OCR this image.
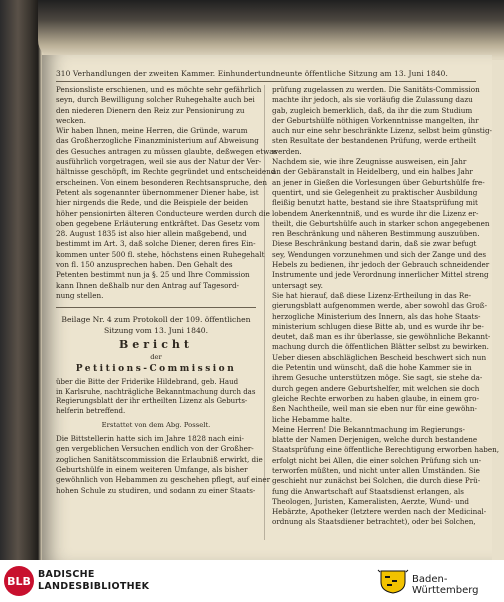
310 Verhandlungen der zweiten Kammer. Einhundertundneunte öffentliche Sitzung am 13. Juni 1840.
Pensionsliste erschienen, und es möchte sehr gefährlich
seyn, durch Bewilligung solcher Ruhegehalte auch bei
den niederen Dienern den Reiz zur Pensionirung zu
wecken.
Wir haben Ihnen, meine Herren, die Gründe, warum
das Großherzogliche Finanzministerium auf Abweisung
des Gesuches antragen zu müssen glaubte, deßwegen etwas
ausführlich vorgetragen, weil sie aus der Natur der Ver-
hältnisse geschöpft, im Rechte gegründet und entscheidend
erscheinen. Von einem besonderen Rechtsanspruche, den
Petent als sogenannter übernommener Diener habe, ist
hier nirgends die Rede, und die Beispiele der beiden
höher pensionirten älteren Conducteure werden durch die
oben gegebene Erläuterung entkräftet. Das Gesetz vom
28. August 1835 ist also hier allein maßgebend, und
bestimmt im Art. 3, daß solche Diener, deren fires Ein-
kommen unter 500 fl. stehe, höchstens einen Ruhegehalt
von fl. 150 anzusprechen haben. Den Gehalt des
Petenten bestimmt nun ja §. 25 und Ihre Commission
kann Ihnen deßhalb nur den Antrag auf Tagesord-
nung stellen.
Beilage Nr. 4 zum Protokoll der 109. öffentlichen
Sitzung vom 13. Juni 1840.
Bericht
der
Petitions-Commission
über die Bitte der Friderike Hildebrand, geb. Haud
in Karlsruhe, nachträgliche Bekanntmachung durch das
Regierungsblatt der ihr ertheilten Lizenz als Geburts-
helferin betreffend.
Erstattet von dem Abg. Posselt.
Die Bittstellerin hatte sich im Jahre 1828 nach eini-
gen vergeblichen Versuchen endlich von der Großher-
zoglichen Sanitätscommission die Erlaubniß erwirkt, die
Geburtshülfe in einem weiteren Umfange, als bisher
gewöhnlich von Hebammen zu geschehen pflegt, auf einer
hohen Schule zu studiren, und sodann zu einer Staats-
prüfung zugelassen zu werden. Die Sanitäts-Commission
machte ihr jedoch, als sie vorläufig die Zulassung dazu
gab, zugleich bemerklich, daß, da ihr die zum Studium
der Geburtshülfe nöthigen Vorkenntnisse mangelten, ihr
auch nur eine sehr beschränkte Lizenz, selbst beim günstig-
sten Resultate der bestandenen Prüfung, werde ertheilt
werden.
Nachdem sie, wie ihre Zeugnisse ausweisen, ein Jahr
an der Gebäranstalt in Heidelberg, und ein halbes Jahr
an jener in Gießen die Vorlesungen über Geburtshülfe fre-
quentirt, und sie Gelegenheit zu praktischer Ausbildung
fleißig benutzt hatte, bestand sie ihre Staatsprüfung mit
lobendem Anerkenntniß, und es wurde ihr die Lizenz er-
theilt, die Geburtshülfe auch in starker schon angegebenen
ren Beschränkung und näheren Bestimmung auszuüben.
Diese Beschränkung bestand darin, daß sie zwar befugt
sey, Wendungen vorzunehmen und sich der Zange und des
Hebels zu bedienen, ihr jedoch der Gebrauch schneidender
Instrumente und jede Verordnung innerlicher Mittel streng
untersagt sey.
Sie hat hierauf, daß diese Lizenz-Ertheilung in das Re-
gierungsblatt aufgenommen werde, aber sowohl das Groß-
herzogliche Ministerium des Innern, als das hohe Staats-
ministerium schlugen diese Bitte ab, und es wurde ihr be-
deutet, daß man es ihr überlasse, sie gewöhnliche Bekannt-
machung durch die öffentlichen Blätter selbst zu bewirken.
Ueber diesen abschläglichen Bescheid beschwert sich nun
die Petentin und wünscht, daß die hohe Kammer sie in
ihrem Gesuche unterstützen möge. Sie sagt, sie stehe da-
durch gegen andere Geburtshelfer, mit welchen sie doch
gleiche Rechte erworben zu haben glaube, in einem gro-
ßen Nachtheile, weil man sie eben nur für eine gewöhn-
liche Hebamme halte.
Meine Herren! Die Bekanntmachung im Regierungs-
blatte der Namen Derjenigen, welche durch bestandene
Staatsprüfung eine öffentliche Berechtigung erworben haben,
erfolgt nicht bei Allen, die einer solchen Prüfung sich un-
terworfen müßten, und nicht unter allen Umständen. Sie
geschieht nur zunächst bei Solchen, die durch diese Prü-
fung die Anwartschaft auf Staatsdienst erlangen, als
Theologen, Juristen, Kameralisten, Aerzte, Wund- und
Hebärzte, Apotheker (letztere werden nach der Medicinal-
ordnung als Staatsdiener betrachtet), oder bei Solchen,
BLB BADISCHE
LANDESBIBLIOTHEK
Baden-Württemberg
